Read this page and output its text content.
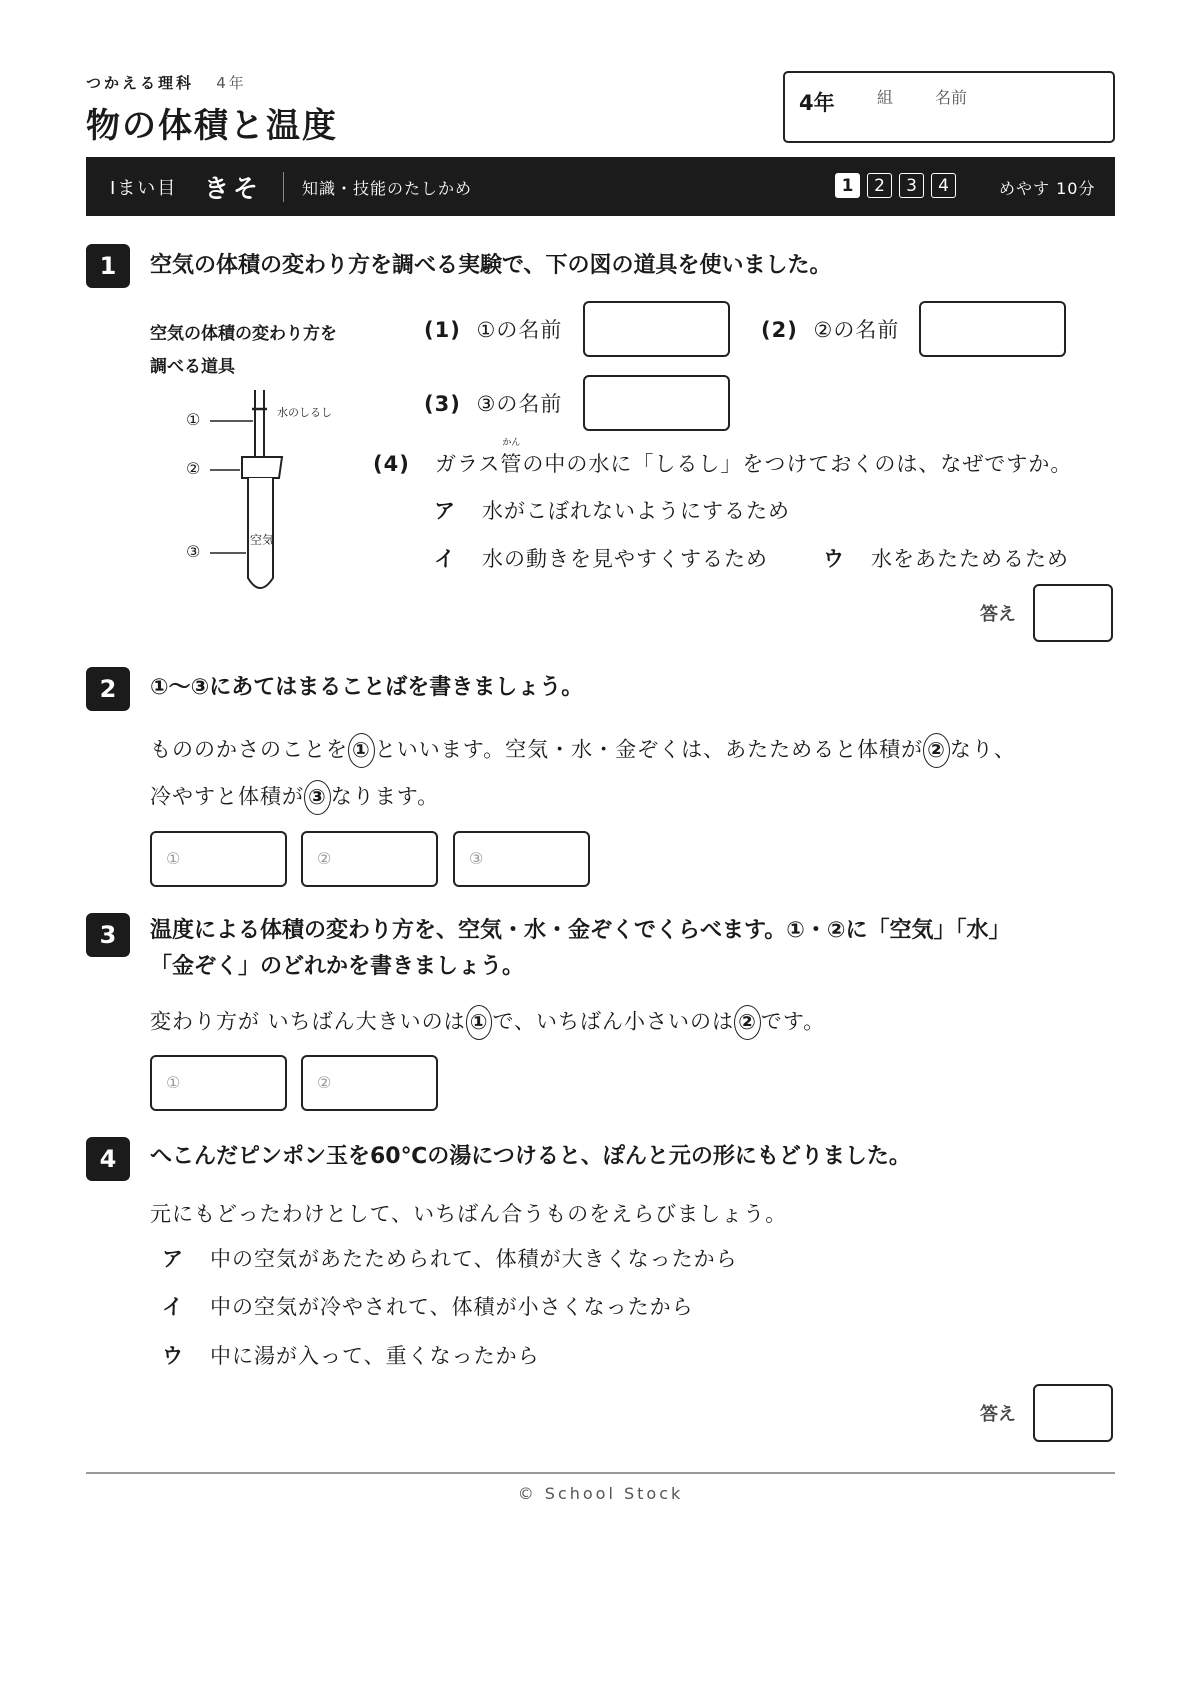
つかえる理科 4年
物の体積と温度
4年	組	名前
Iまい目 きそ 知識・技能のたしかめ	1 2 3 4	めやす 10分
1	空気の体積の変わり方を調べる実験で、下の図の道具を使いました。
空気の体積の変わり方を
調べる道具
①
②
③
水のしるし
空気
(1) ①の名前	(2) ②の名前
(3) ③の名前
(4) ガラス
かん
管の中の水に「しるし」をつけておくのは、なぜですか。
ア 水がこぼれないようにするため
イ 水の動きを見やすくするため	ウ 水をあたためるため
答え
2	①〜③にあてはまることばを書きましょう。
もののかさのことを ① といいます。空気・水・金ぞくは、あたためると体積が ② なり、
冷やすと体積が ③ なります。
①	②	③
3	温度による体積の変わり方を、空気・水・金ぞくでくらべます。①・②に「空気」「水」
「金ぞく」のどれかを書きましょう。
変わり方が いちばん大きいのは ① で、いちばん小さいのは ② です。
①	②
4	へこんだピンポン玉を60℃の湯につけると、ぽんと元の形にもどりました。
元にもどったわけとして、いちばん合うものをえらびましょう。
ア 中の空気があたためられて、体積が大きくなったから
イ 中の空気が冷やされて、体積が小さくなったから
ウ 中に湯が入って、重くなったから
答え
© School Stock
